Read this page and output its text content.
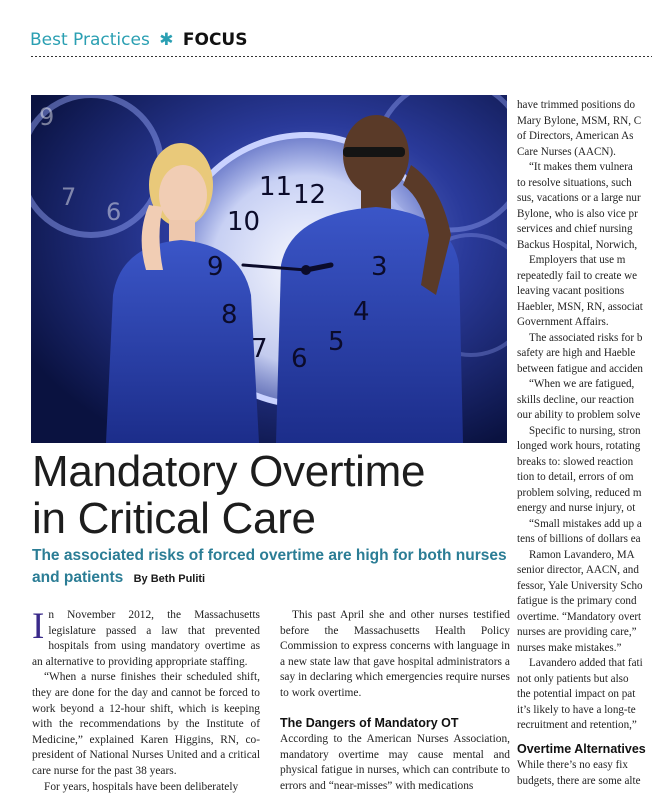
Best Practices ✱ FOCUS
12
11
10
9
8
7 6
5
4
3
6
7
9
Mandatory Overtime
in Critical Care

The associated risks of forced overtime are high for both nurses and patients By Beth Puliti

In November 2012, the Massachusetts legislature passed a law that prevented hospitals from using mandatory overtime as an alternative to providing appropriate staffing.

“When a nurse finishes their scheduled shift, they are done for the day and cannot be forced to work beyond a 12-hour shift, which is keeping with the recommendations by the Institute of Medicine,” explained Karen Higgins, RN, co-president of National Nurses United and a critical care nurse for the past 38 years.

For years, hospitals have been deliberately

This past April she and other nurses testified before the Massachusetts Health Policy Commission to express concerns with language in a new state law that gave hospital administrators a say in declaring which emergencies require nurses to work overtime.

The Dangers of Mandatory OT

According to the American Nurses Association, mandatory overtime may cause mental and physical fatigue in nurses, which can contribute to errors and “near-misses” with medications

have trimmed positions do
Mary Bylone, MSM, RN, C
of Directors, American As
Care Nurses (AACN).
“It makes them vulnera
to resolve situations, such
sus, vacations or a large nur
Bylone, who is also vice pr
services and chief nursing
Backus Hospital, Norwich,
Employers that use m
repeatedly fail to create we
leaving vacant positions
Haebler, MSN, RN, associat
Government Affairs.
The associated risks for b
safety are high and Haeble
between fatigue and acciden
“When we are fatigued,
skills decline, our reaction
our ability to problem solve
Specific to nursing, stron
longed work hours, rotating
breaks to: slowed reaction
tion to detail, errors of om
problem solving, reduced m
energy and nurse injury, ot
“Small mistakes add up a
tens of billions of dollars ea
Ramon Lavandero, MA
senior director, AACN, and
fessor, Yale University Scho
fatigue is the primary cond
overtime. “Mandatory overt
nurses are providing care,”
nurses make mistakes.”
Lavandero added that fati
not only patients but also
the potential impact on pat
it’s likely to have a long-te
recruitment and retention,”
Overtime Alternatives
While there’s no easy fix
budgets, there are some alte
